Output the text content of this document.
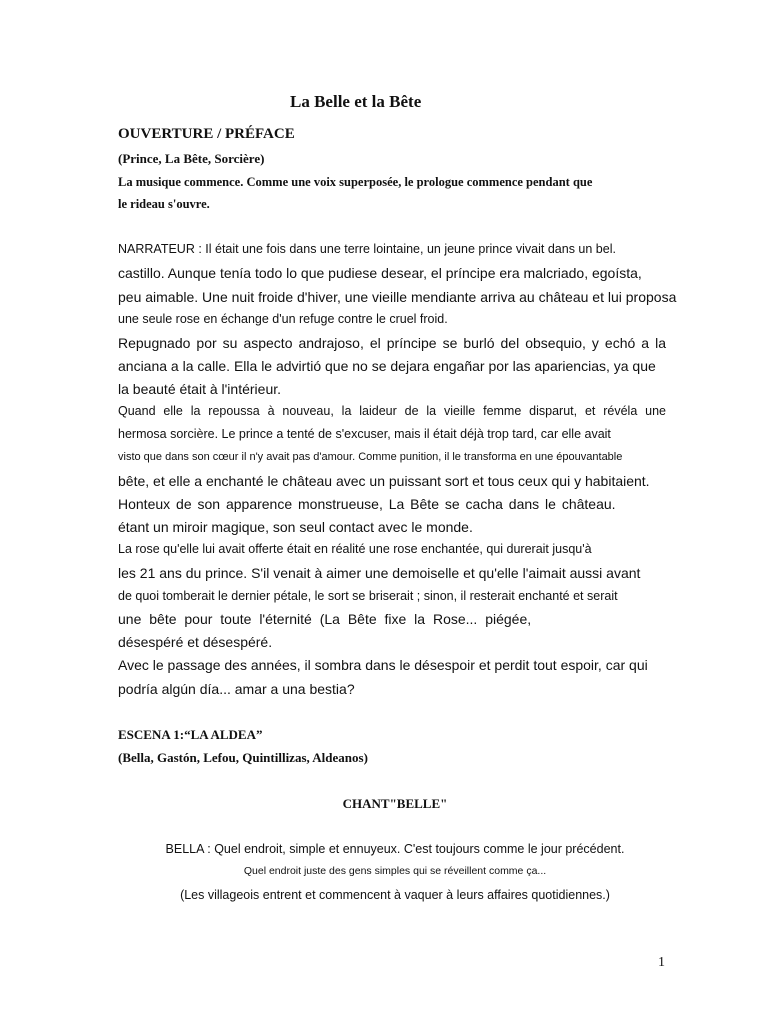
La Belle et la Bête
OUVERTURE / PRÉFACE
(Prince, La Bête, Sorcière)
La musique commence. Comme une voix superposée, le prologue commence pendant que
le rideau s'ouvre.
NARRATEUR : Il était une fois dans une terre lointaine, un jeune prince vivait dans un bel.
castillo. Aunque tenía todo lo que pudiese desear, el príncipe era malcriado, egoísta,
peu aimable. Une nuit froide d'hiver, une vieille mendiante arriva au château et lui proposa
une seule rose en échange d'un refuge contre le cruel froid.
Repugnado por su aspecto andrajoso, el príncipe se burló del obsequio, y echó a la
anciana a la calle. Ella le advirtió que no se dejara engañar por las apariencias, ya que
la beauté était à l'intérieur.
Quand elle la repoussa à nouveau, la laideur de la vieille femme disparut, et révéla une
hermosa sorcière. Le prince a tenté de s'excuser, mais il était déjà trop tard, car elle avait
visto que dans son cœur il n'y avait pas d'amour. Comme punition, il le transforma en une épouvantable
bête, et elle a enchanté le château avec un puissant sort et tous ceux qui y habitaient.
Honteux de son apparence monstrueuse, La Bête se cacha dans le château.
étant un miroir magique, son seul contact avec le monde.
La rose qu'elle lui avait offerte était en réalité une rose enchantée, qui durerait jusqu'à
les 21 ans du prince. S'il venait à aimer une demoiselle et qu'elle l'aimait aussi avant
de quoi tomberait le dernier pétale, le sort se briserait ; sinon, il resterait enchanté et serait
une bête pour toute l'éternité (La Bête fixe la Rose... piégée,
désespéré et désespéré.
Avec le passage des années, il sombra dans le désespoir et perdit tout espoir, car qui
podría algún día... amar a una bestia?
ESCENA 1:“LA ALDEA”
(Bella, Gastón, Lefou, Quintillizas, Aldeanos)
CHANT"BELLE"
BELLA : Quel endroit, simple et ennuyeux. C'est toujours comme le jour précédent.
Quel endroit juste des gens simples qui se réveillent comme ça...
(Les villageois entrent et commencent à vaquer à leurs affaires quotidiennes.)
1
